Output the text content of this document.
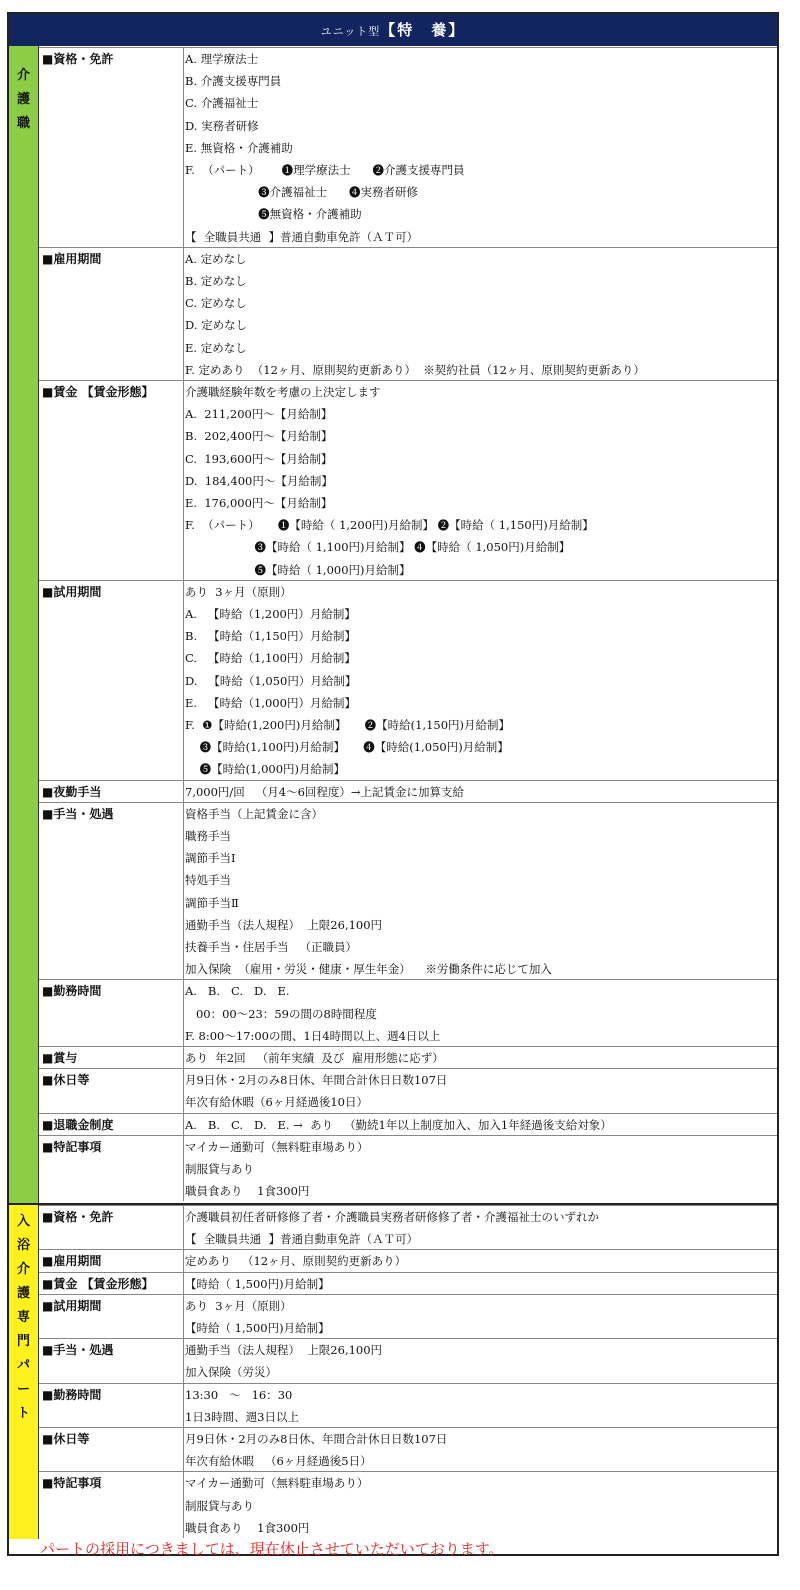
ユニット型【特　養】
介
護
職
入
浴
介
護
専
門
パ
ー
ト
■資格・免許	A. 理学療法士
B. 介護支援専門員
C. 介護福祉士
D. 実務者研修
E. 無資格・介護補助
F.  （パート）      ❶理学療法士      ❷介護支援専門員
❸介護福祉士      ❹実務者研修
❺無資格・介護補助
【  全職員共通  】普通自動車免許（ＡＴ可）
■雇用期間	A. 定めなし
B. 定めなし
C. 定めなし
D. 定めなし
E. 定めなし
F. 定めあり  （12ヶ月、原則契約更新あり）  ※契約社員（12ヶ月、原則契約更新あり）
■賃金 【賃金形態】	介護職経験年数を考慮の上決定します
A.  211,200円～【月給制】
B.  202,400円～【月給制】
C.  193,600円～【月給制】
D.  184,400円～【月給制】
E.  176,000円～【月給制】
F.  （パート）     ❶【時給（ 1,200円)月給制】 ❷【時給（ 1,150円)月給制】
❸【時給（ 1,100円)月給制】 ❹【時給（ 1,050円)月給制】
❺【時給（ 1,000円)月給制】
■試用期間	あり  3ヶ月（原則）
A.   【時給（1,200円）月給制】
B.   【時給（1,150円）月給制】
C.   【時給（1,100円）月給制】
D.   【時給（1,050円）月給制】
E.   【時給（1,000円）月給制】
F.  ❶【時給(1,200円)月給制】     ❷【時給(1,150円)月給制】
❸【時給(1,100円)月給制】     ❹【時給(1,050円)月給制】
❺【時給(1,000円)月給制】
■夜勤手当	7,000円/回   （月4～6回程度）→上記賃金に加算支給
■手当・処遇	資格手当（上記賃金に含）
職務手当
調節手当Ⅰ
特処手当
調節手当Ⅱ
通勤手当（法人規程）  上限26,100円
扶養手当・住居手当   （正職員）
加入保険  （雇用・労災・健康・厚生年金）    ※労働条件に応じて加入
■勤務時間	A.   B.   C.   D.   E.
00：00～23：59の間の8時間程度
F. 8:00～17:00の間、1日4時間以上、週4日以上
■賞与	あり  年2回   （前年実績  及び  雇用形態に応ず）
■休日等	月9日休・2月のみ8日休、年間合計休日日数107日
年次有給休暇（6ヶ月経過後10日）
■退職金制度	A.   B.   C.   D.   E. →  あり   （勤続1年以上制度加入、加入1年経過後支給対象）
■特記事項	マイカー通勤可（無料駐車場あり）
制服貸与あり
職員食あり    1食300円
■資格・免許	介護職員初任者研修修了者・介護職員実務者研修修了者・介護福祉士のいずれか
【  全職員共通  】普通自動車免許（ＡＴ可）
■雇用期間	定めあり   （12ヶ月、原則契約更新あり）
■賃金 【賃金形態】	【時給（ 1,500円)月給制】
■試用期間	あり  3ヶ月（原則）
【時給（ 1,500円)月給制】
■手当・処遇	通勤手当（法人規程）  上限26,100円
加入保険（労災）
■勤務時間	13:30   ～   16：30
1日3時間、週3日以上
■休日等	月9日休・2月のみ8日休、年間合計休日日数107日
年次有給休暇   （6ヶ月経過後5日）
■特記事項	マイカー通勤可（無料駐車場あり）
制服貸与あり
職員食あり    1食300円
パートの採用につきましては、現在休止させていただいております。
